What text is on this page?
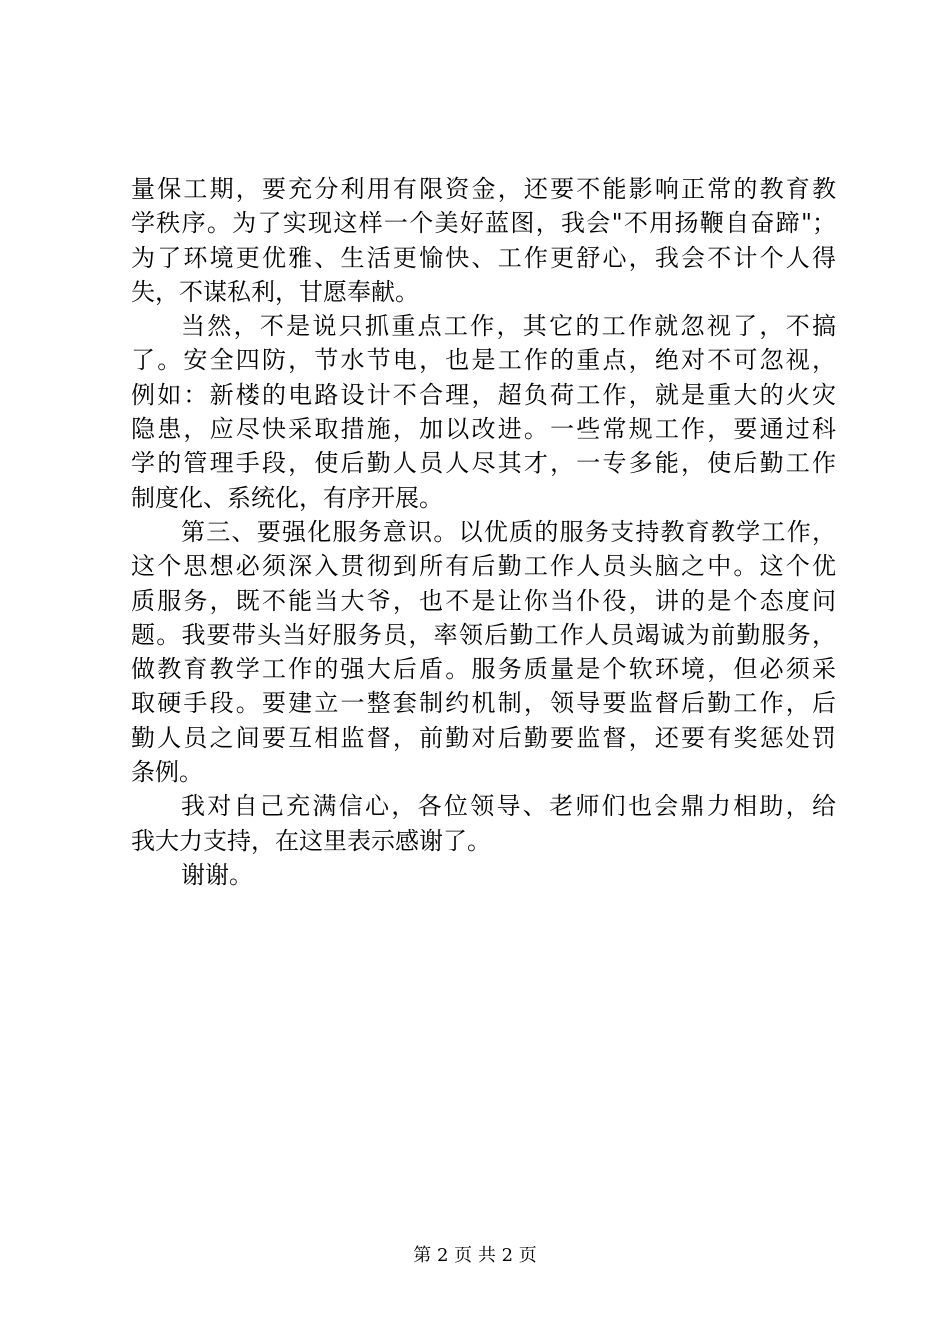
量保工期，要充分利用有限资金，还要不能影响正常的教育教
学秩序。为了实现这样一个美好蓝图，我会"不用扬鞭自奋蹄"；
为了环境更优雅、生活更愉快、工作更舒心，我会不计个人得
失，不谋私利，甘愿奉献。
当然，不是说只抓重点工作，其它的工作就忽视了，不搞
了。安全四防，节水节电，也是工作的重点，绝对不可忽视，
例如：新楼的电路设计不合理，超负荷工作，就是重大的火灾
隐患，应尽快采取措施，加以改进。一些常规工作，要通过科
学的管理手段，使后勤人员人尽其才，一专多能，使后勤工作
制度化、系统化，有序开展。
第三、要强化服务意识。以优质的服务支持教育教学工作，
这个思想必须深入贯彻到所有后勤工作人员头脑之中。这个优
质服务，既不能当大爷，也不是让你当仆役，讲的是个态度问
题。我要带头当好服务员，率领后勤工作人员竭诚为前勤服务，
做教育教学工作的强大后盾。服务质量是个软环境，但必须采
取硬手段。要建立一整套制约机制，领导要监督后勤工作，后
勤人员之间要互相监督，前勤对后勤要监督，还要有奖惩处罚
条例。
我对自己充满信心，各位领导、老师们也会鼎力相助，给
我大力支持，在这里表示感谢了。
谢谢。
第 2 页 共 2 页
